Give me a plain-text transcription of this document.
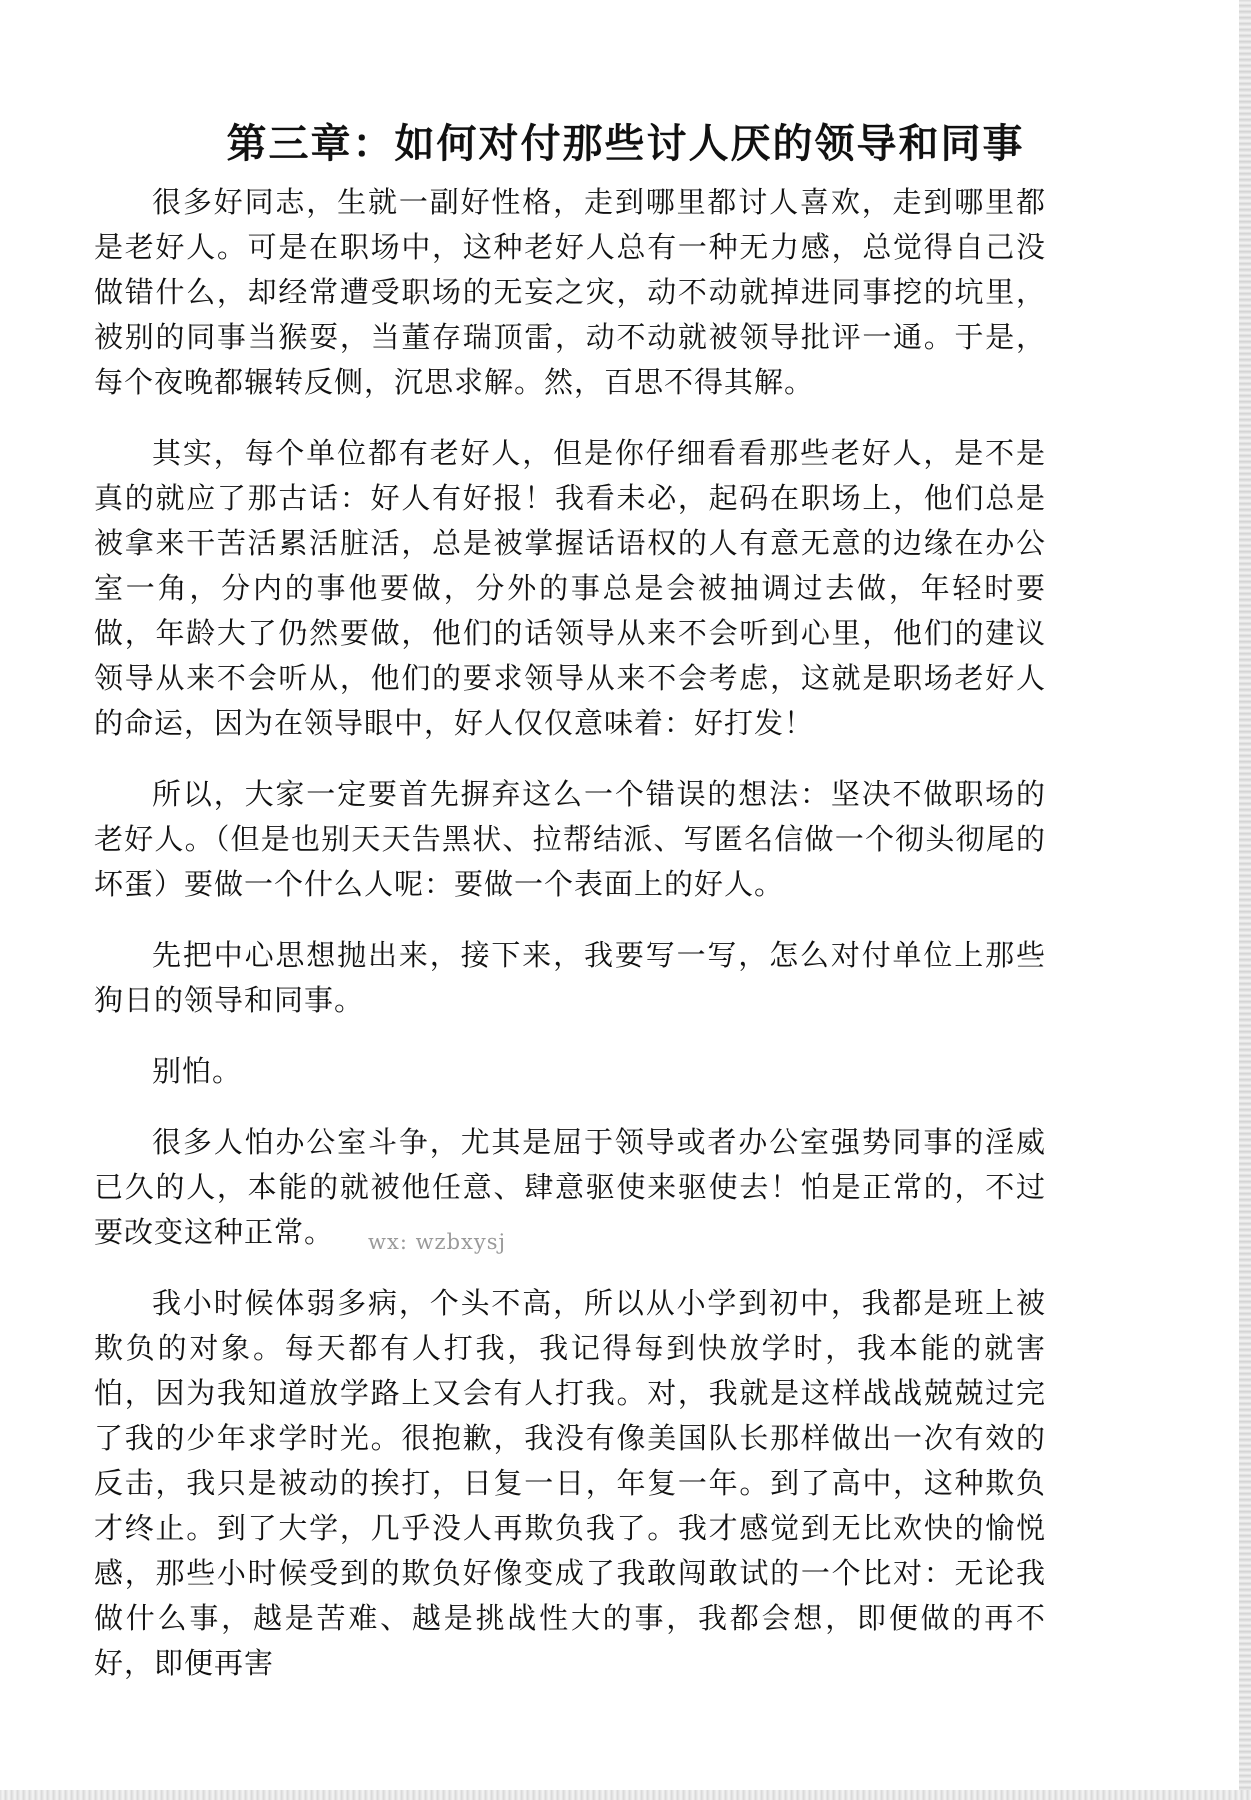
第三章：如何对付那些讨人厌的领导和同事

很多好同志，生就一副好性格，走到哪里都讨人喜欢，走到哪里都是老好人。可是在职场中，这种老好人总有一种无力感，总觉得自己没做错什么，却经常遭受职场的无妄之灾，动不动就掉进同事挖的坑里，被别的同事当猴耍，当董存瑞顶雷，动不动就被领导批评一通。于是，每个夜晚都辗转反侧，沉思求解。然，百思不得其解。

其实，每个单位都有老好人，但是你仔细看看那些老好人，是不是真的就应了那古话：好人有好报！我看未必，起码在职场上，他们总是被拿来干苦活累活脏活，总是被掌握话语权的人有意无意的边缘在办公室一角，分内的事他要做，分外的事总是会被抽调过去做，年轻时要做，年龄大了仍然要做，他们的话领导从来不会听到心里，他们的建议领导从来不会听从，他们的要求领导从来不会考虑，这就是职场老好人的命运，因为在领导眼中，好人仅仅意味着：好打发！

所以，大家一定要首先摒弃这么一个错误的想法：坚决不做职场的老好人。（但是也别天天告黑状、拉帮结派、写匿名信做一个彻头彻尾的坏蛋）要做一个什么人呢：要做一个表面上的好人。

先把中心思想抛出来，接下来，我要写一写，怎么对付单位上那些狗日的领导和同事。

别怕。

很多人怕办公室斗争，尤其是屈于领导或者办公室强势同事的淫威已久的人，本能的就被他任意、肆意驱使来驱使去！怕是正常的，不过要改变这种正常。

我小时候体弱多病，个头不高，所以从小学到初中，我都是班上被欺负的对象。每天都有人打我，我记得每到快放学时，我本能的就害怕，因为我知道放学路上又会有人打我。对，我就是这样战战兢兢过完了我的少年求学时光。很抱歉，我没有像美国队长那样做出一次有效的反击，我只是被动的挨打，日复一日，年复一年。到了高中，这种欺负才终止。到了大学，几乎没人再欺负我了。我才感觉到无比欢快的愉悦感，那些小时候受到的欺负好像变成了我敢闯敢试的一个比对：无论我做什么事，越是苦难、越是挑战性大的事，我都会想，即便做的再不好，即便再害

wx: wzbxysj
